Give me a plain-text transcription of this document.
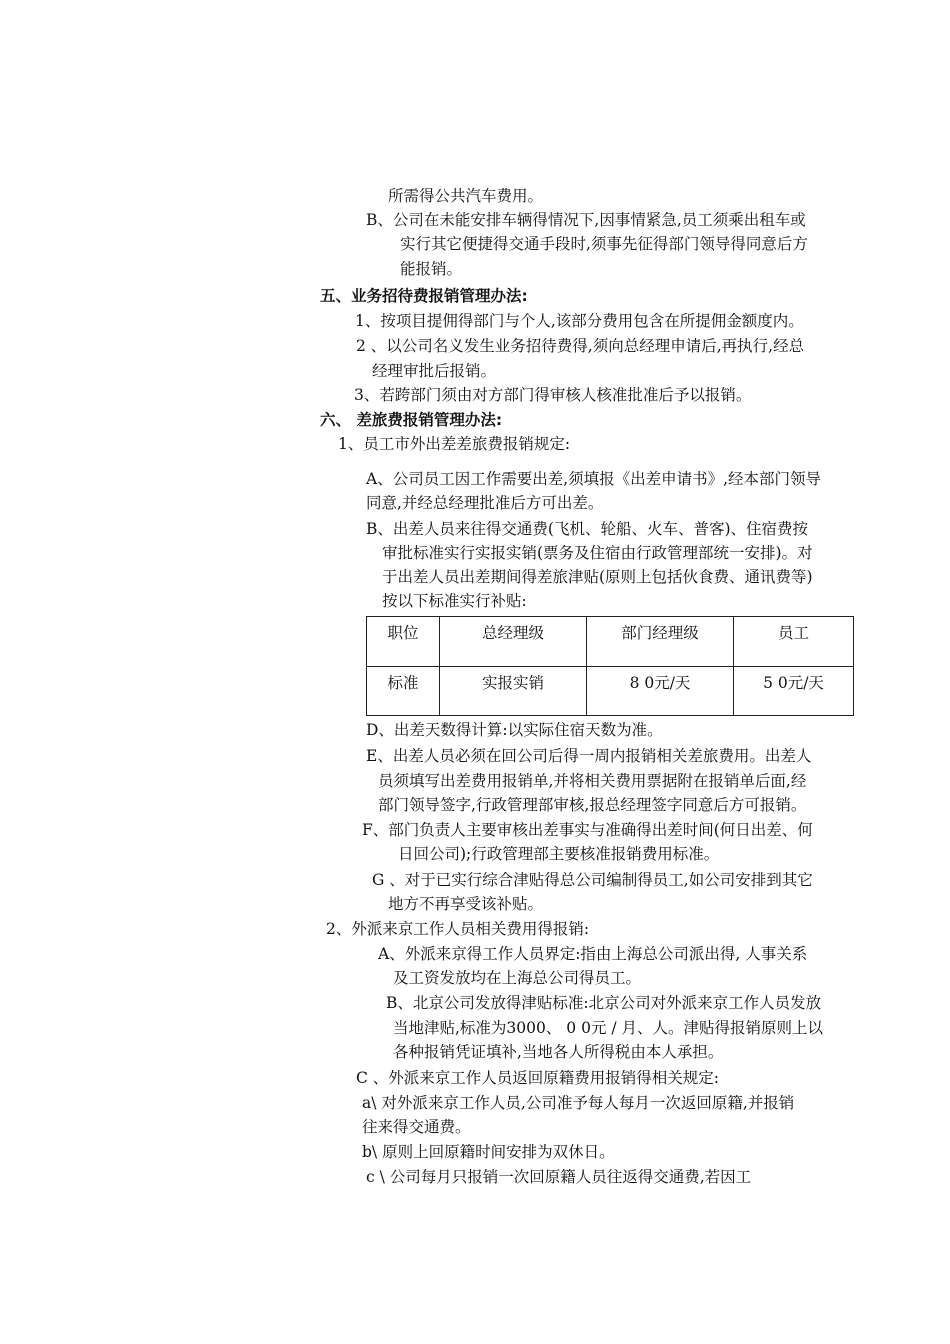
所需得公共汽车费用。
B、公司在未能安排车辆得情况下,因事情紧急,员工须乘出租车或
实行其它便捷得交通手段时,须事先征得部门领导得同意后方
能报销。
五、业务招待费报销管理办法:
1、按项目提佣得部门与个人,该部分费用包含在所提佣金额度内。
2 、以公司名义发生业务招待费得,须向总经理申请后,再执行,经总
经理审批后报销。
3、若跨部门须由对方部门得审核人核准批准后予以报销。
六、 差旅费报销管理办法:
1、员工市外出差差旅费报销规定:
A、公司员工因工作需要出差,须填报《出差申请书》,经本部门领导
同意,并经总经理批准后方可出差。
B、出差人员来往得交通费(飞机、轮船、火车、普客)、住宿费按
审批标准实行实报实销(票务及住宿由行政管理部统一安排)。对
于出差人员出差期间得差旅津贴(原则上包括伙食费、通讯费等)
按以下标准实行补贴:
职位	总经理级	部门经理级	员工
标准	实报实销	8 0元/天	5 0元/天
D、出差天数得计算:以实际住宿天数为准。
E、出差人员必须在回公司后得一周内报销相关差旅费用。出差人
员须填写出差费用报销单,并将相关费用票据附在报销单后面,经
部门领导签字,行政管理部审核,报总经理签字同意后方可报销。
F、部门负责人主要审核出差事实与准确得出差时间(何日出差、何
日回公司);行政管理部主要核准报销费用标准。
G 、对于已实行综合津贴得总公司编制得员工,如公司安排到其它
地方不再享受该补贴。
2、外派来京工作人员相关费用得报销:
A、外派来京得工作人员界定:指由上海总公司派出得, 人事关系
及工资发放均在上海总公司得员工。
B、北京公司发放得津贴标准:北京公司对外派来京工作人员发放
当地津贴,标准为3000、 0 0元 / 月、人。津贴得报销原则上以
各种报销凭证填补,当地各人所得税由本人承担。
C 、外派来京工作人员返回原籍费用报销得相关规定:
a\ 对外派来京工作人员,公司准予每人每月一次返回原籍,并报销
往来得交通费。
b\ 原则上回原籍时间安排为双休日。
c \ 公司每月只报销一次回原籍人员往返得交通费,若因工
